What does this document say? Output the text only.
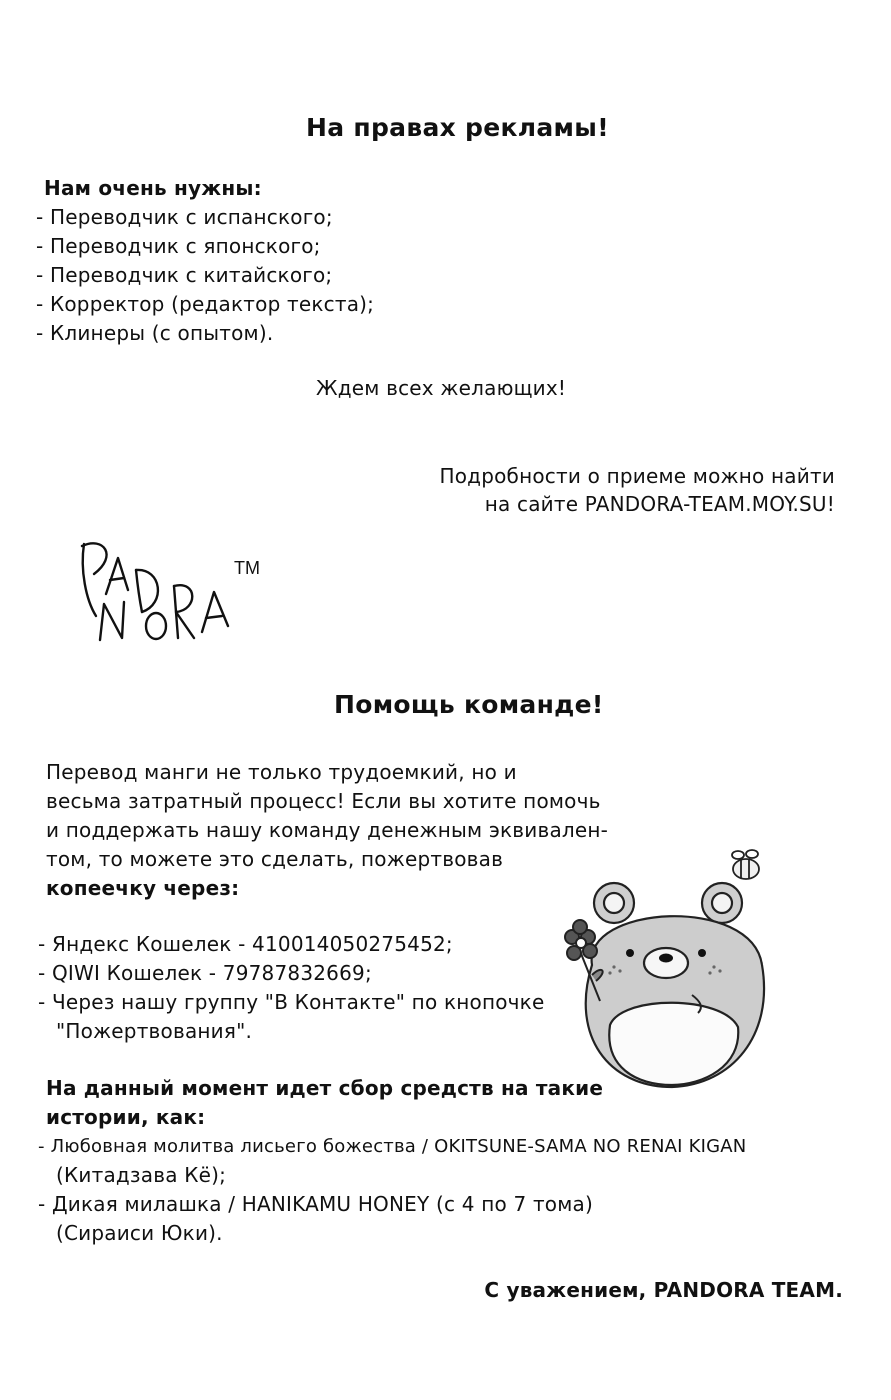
На правах рекламы!

Нам очень нужны:

- Переводчик с испанского;
- Переводчик с японского;
- Переводчик с китайского;
- Корректор (редактор текста);
- Клинеры (с опытом).

Ждем всех желающих!

Подробности о приеме можно найти

на сайте PANDORA-TEAM.MOY.SU!

TM
Помощь команде!
Перевод манги не только трудоемкий, но и
весьма затратный процесс! Если вы хотите помочь
и поддержать нашу команду денежным эквивален-
том, то можете это сделать, пожертвовав
копеечку через:
- Яндекс Кошелек - 410014050275452;
- QIWI Кошелек - 79787832669;
- Через нашу группу "В Контакте" по кнопочке
"Пожертвования".

На данный момент идет сбор средств на такие

истории, как:

- Любовная молитва лисьего божества / OKITSUNE-SAMA NO RENAI KIGAN
(Китадзава Кё);
- Дикая милашка / HANIKAMU HONEY (с 4 по 7 тома)
(Сираиси Юки).

С уважением, PANDORA TEAM.
